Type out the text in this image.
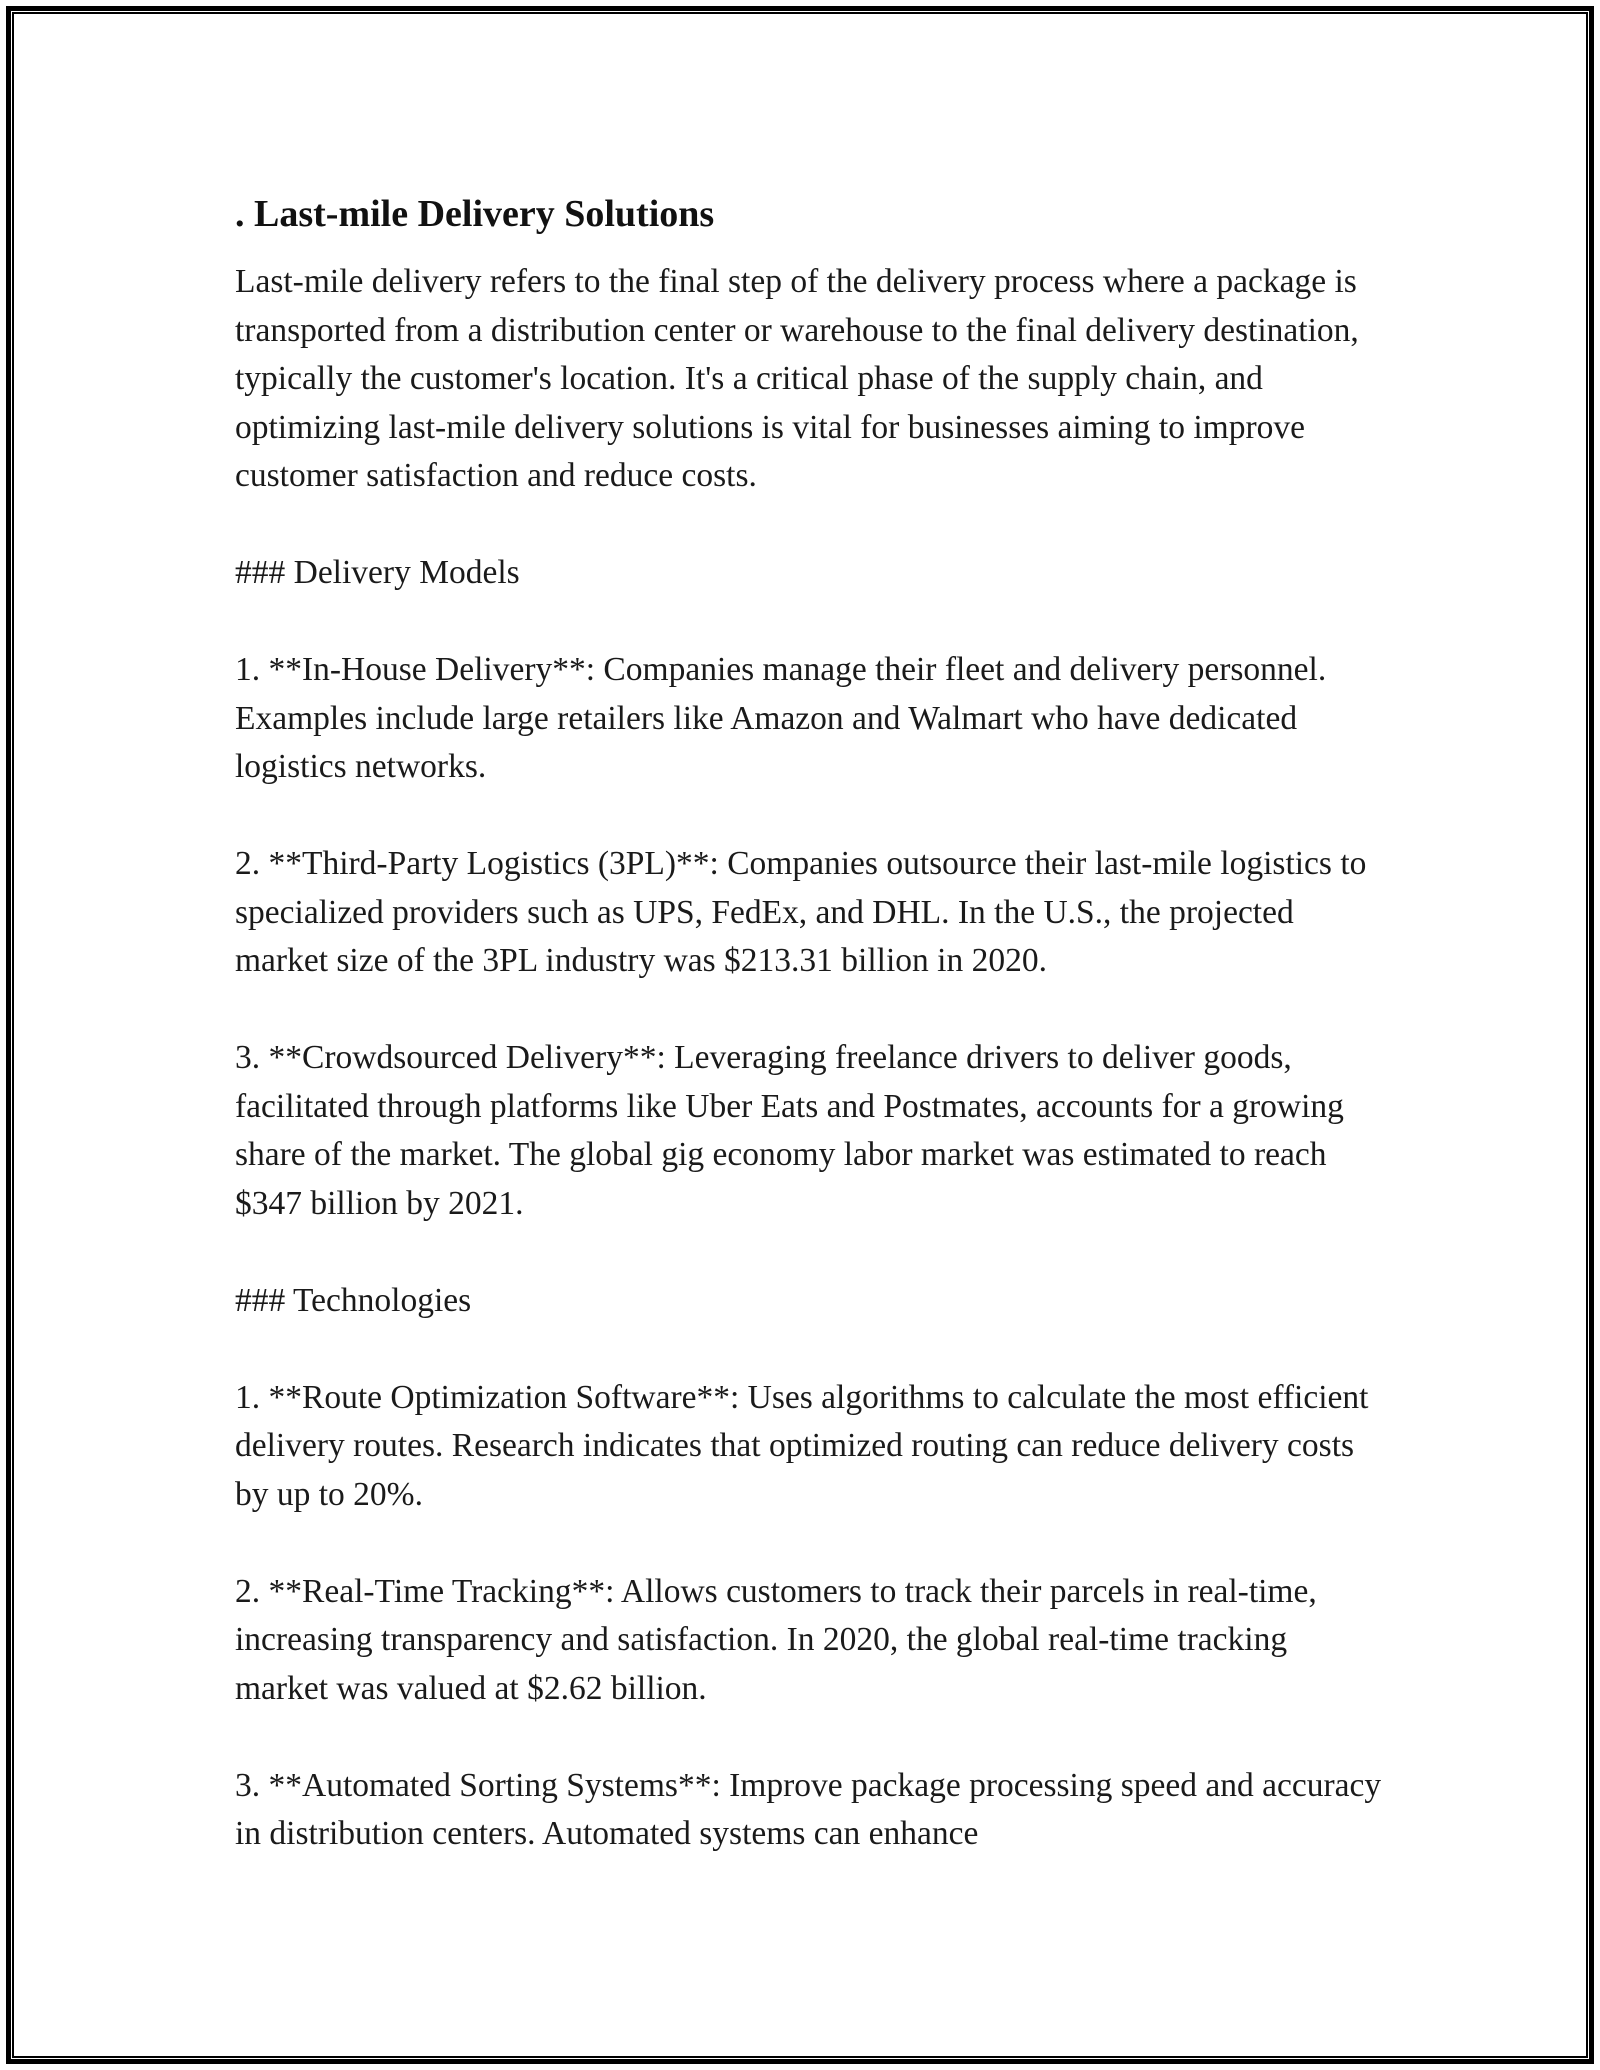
. Last-mile Delivery Solutions

Last-mile delivery refers to the final step of the delivery process where a package is transported from a distribution center or warehouse to the final delivery destination, typically the customer's location. It's a critical phase of the supply chain, and optimizing last-mile delivery solutions is vital for businesses aiming to improve customer satisfaction and reduce costs.

### Delivery Models

1. **In-House Delivery**: Companies manage their fleet and delivery personnel. Examples include large retailers like Amazon and Walmart who have dedicated logistics networks.

2. **Third-Party Logistics (3PL)**: Companies outsource their last-mile logistics to specialized providers such as UPS, FedEx, and DHL. In the U.S., the projected market size of the 3PL industry was $213.31 billion in 2020.

3. **Crowdsourced Delivery**: Leveraging freelance drivers to deliver goods, facilitated through platforms like Uber Eats and Postmates, accounts for a growing share of the market. The global gig economy labor market was estimated to reach $347 billion by 2021.

### Technologies

1. **Route Optimization Software**: Uses algorithms to calculate the most efficient delivery routes. Research indicates that optimized routing can reduce delivery costs by up to 20%.

2. **Real-Time Tracking**: Allows customers to track their parcels in real-time, increasing transparency and satisfaction. In 2020, the global real-time tracking market was valued at $2.62 billion.

3. **Automated Sorting Systems**: Improve package processing speed and accuracy in distribution centers. Automated systems can enhance
